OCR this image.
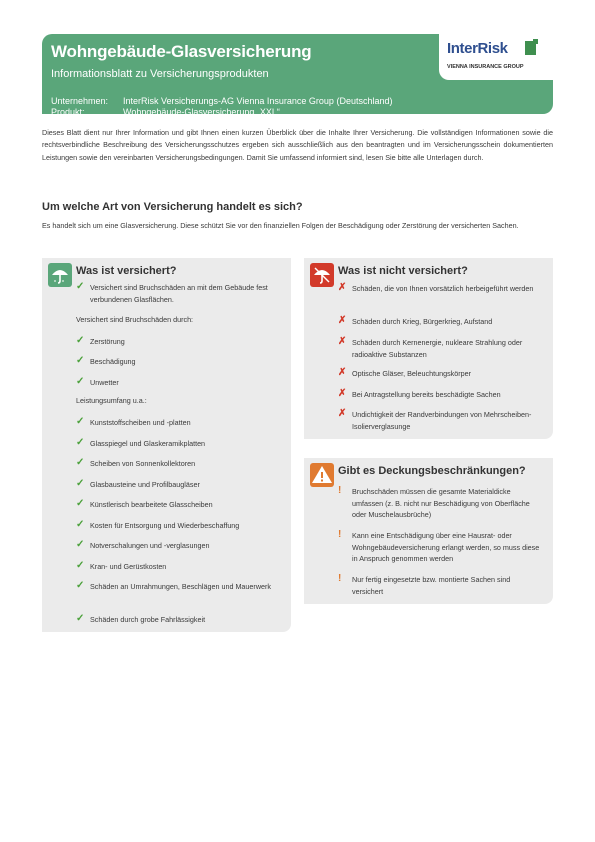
Wohngebäude-Glasversicherung
Informationsblatt zu Versicherungsprodukten
Unternehmen: InterRisk Versicherungs-AG Vienna Insurance Group (Deutschland)
Produkt:	Wohngebäude-Glasversicherung „XXL“
InterRisk
VIENNA INSURANCE GROUP
Dieses Blatt dient nur Ihrer Information und gibt Ihnen einen kurzen Überblick über die Inhalte Ihrer Versicherung. Die vollständigen Informationen sowie die rechtsverbindliche Beschreibung des Versicherungsschutzes ergeben sich ausschließlich aus den beantragten und im Versicherungsschein dokumentierten Leistungen sowie den vereinbarten Versicherungsbedingungen. Damit Sie umfassend informiert sind, lesen Sie bitte alle Unterlagen durch.
Um welche Art von Versicherung handelt es sich?
Es handelt sich um eine Glasversicherung. Diese schützt Sie vor den finanziellen Folgen der Beschädigung oder Zerstörung der versicherten Sachen.
Was ist versichert?
✓ Versichert sind Bruchschäden an mit dem Gebäude fest verbundenen Glasflächen.
Versichert sind Bruchschäden durch:
✓ Zerstörung
✓ Beschädigung
✓ Unwetter
Leistungsumfang u.a.:
✓ Kunststoffscheiben und -platten
✓ Glasspiegel und Glaskeramikplatten
✓ Scheiben von Sonnenkollektoren
✓ Glasbausteine und Profilbaugläser
✓ Künstlerisch bearbeitete Glasscheiben
✓ Kosten für Entsorgung und Wiederbeschaffung
✓ Notverschalungen und -verglasungen
✓ Kran- und Gerüstkosten
✓ Schäden an Umrahmungen, Beschlägen und Mauerwerk
✓ Schäden durch grobe Fahrlässigkeit
Was ist nicht versichert?
✗ Schäden, die von Ihnen vorsätzlich herbeigeführt werden
✗ Schäden durch Krieg, Bürgerkrieg, Aufstand
✗ Schäden durch Kernenergie, nukleare Strahlung oder radioaktive Substanzen
✗ Optische Gläser, Beleuchtungskörper
✗ Bei Antragstellung bereits beschädigte Sachen
✗ Undichtigkeit der Randverbindungen von Mehrscheiben-Isolierverglasunge
Gibt es Deckungsbeschränkungen?
!	Bruchschäden müssen die gesamte Materialdicke umfassen (z. B. nicht nur Beschädigung von Oberfläche oder Muschelausbrüche)
!	Kann eine Entschädigung über eine Hausrat- oder Wohngebäudeversicherung erlangt werden, so muss diese in Anspruch genommen werden
!	Nur fertig eingesetzte bzw. montierte Sachen sind versichert
